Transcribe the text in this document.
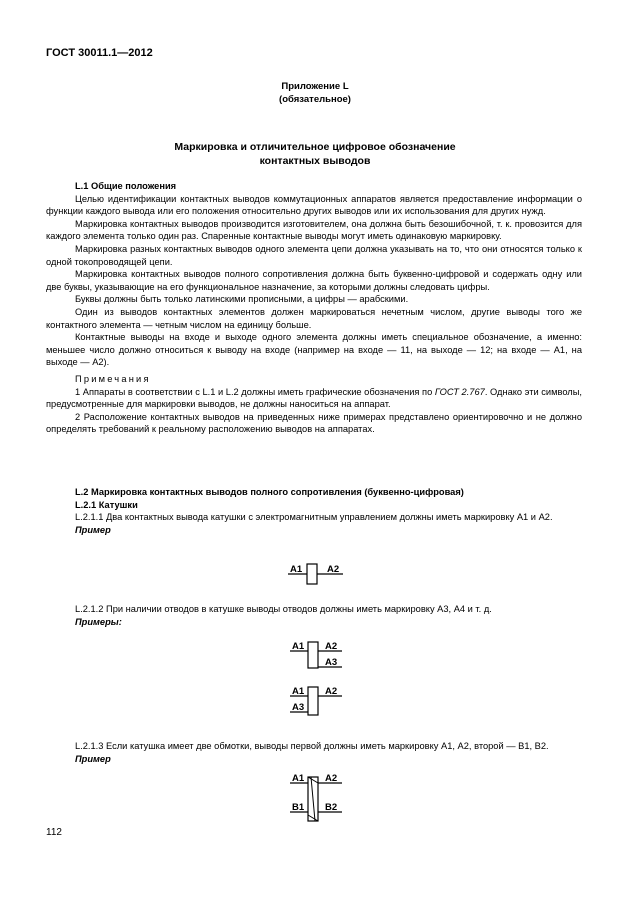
ГОСТ 30011.1—2012
Приложение L
(обязательное)
Маркировка и отличительное цифровое обозначение
контактных выводов

L.1 Общие положения

Целью идентификации контактных выводов коммутационных аппаратов является предоставление информации о функции каждого вывода или его положения относительно других выводов или их использования для других нужд.

Маркировка контактных выводов производится изготовителем, она должна быть безошибочной, т. к. провозится для каждого элемента только один раз. Спаренные контактные выводы могут иметь одинаковую маркировку.

Маркировка разных контактных выводов одного элемента цепи должна указывать на то, что они относятся только к одной токопроводящей цепи.

Маркировка контактных выводов полного сопротивления должна быть буквенно-цифровой и содержать одну или две буквы, указывающие на его функциональное назначение, за которыми должны следовать цифры.

Буквы должны быть только латинскими прописными, а цифры — арабскими.

Один из выводов контактных элементов должен маркироваться нечетным числом, другие выводы того же контактного элемента — четным числом на единицу больше.

Контактные выводы на входе и выходе одного элемента должны иметь специальное обозначение, а именно: меньшее число должно относиться к выводу на входе (например на входе — 11, на выходе — 12; на входе — А1, на выходе — А2).

Примечания

1 Аппараты в соответствии с L.1 и L.2 должны иметь графические обозначения по ГОСТ 2.767. Однако эти символы, предусмотренные для маркировки выводов, не должны наноситься на аппарат.

2 Расположение контактных выводов на приведенных ниже примерах представлено ориентировочно и не должно определять требований к реальному расположению выводов на аппаратах.

L.2 Маркировка контактных выводов полного сопротивления (буквенно-цифровая)

L.2.1 Катушки

L.2.1.1 Два контактных вывода катушки с электромагнитным управлением должны иметь маркировку А1 и А2.

Пример

A1	A2

L.2.1.2 При наличии отводов в катушке выводы отводов должны иметь маркировку А3, А4 и т. д.

Примеры:

A1 A2
A3
A1 A2
A3

L.2.1.3 Если катушка имеет две обмотки, выводы первой должны иметь маркировку А1, А2, второй — В1, В2.

Пример

A1 A2
B1 B2
112
